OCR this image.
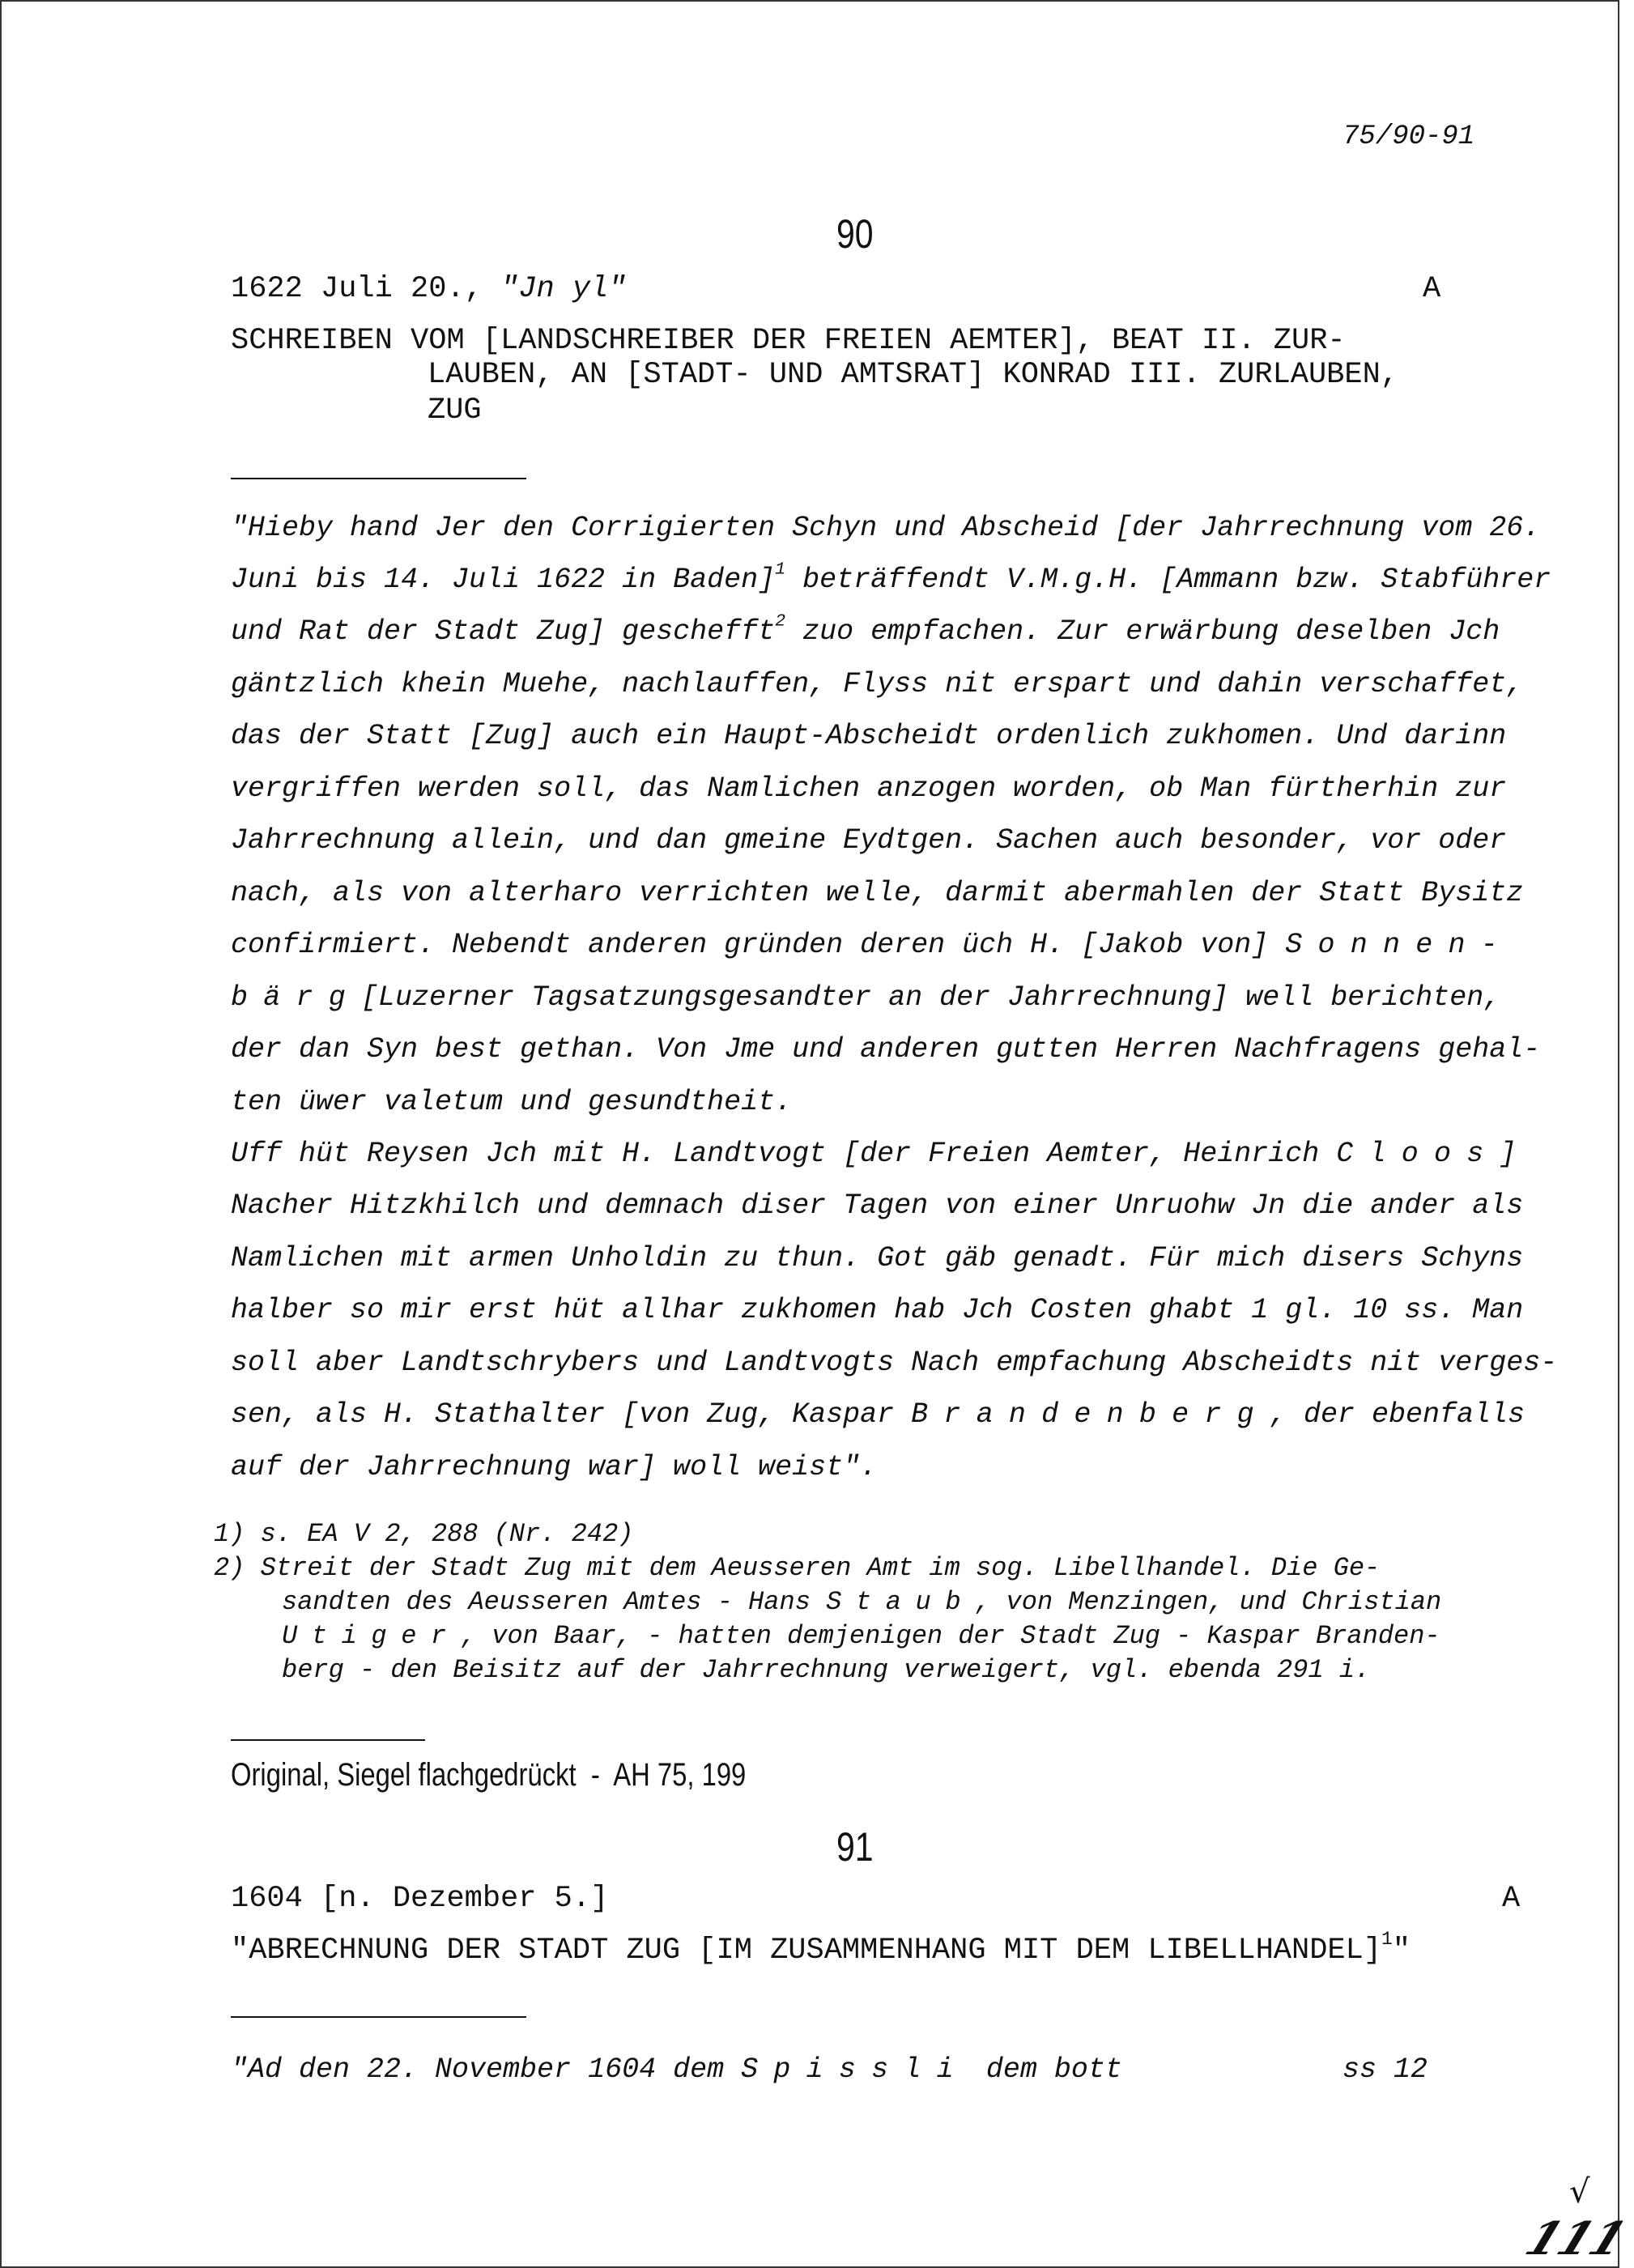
75/90-91
90
1622 Juli 20., "Jn yl"	A
SCHREIBEN VOM [LANDSCHREIBER DER FREIEN AEMTER], BEAT II. ZUR-
LAUBEN, AN [STADT- UND AMTSRAT] KONRAD III. ZURLAUBEN,
ZUG
"Hieby hand Jer den Corrigierten Schyn und Abscheid [der Jahrrechnung vom 26.
Juni bis 14. Juli 1622 in Baden]$^1$ beträffendt V.M.g.H. [Ammann bzw. Stabführer
und Rat der Stadt Zug] geschefft$^2$ zuo empfachen. Zur erwärbung deselben Jch
gäntzlich khein Muehe, nachlauffen, Flyss nit erspart und dahin verschaffet,
das der Statt [Zug] auch ein Haupt-Abscheidt ordenlich zukhomen. Und darinn
vergriffen werden soll, das Namlichen anzogen worden, ob Man fürtherhin zur
Jahrrechnung allein, und dan gmeine Eydtgen. Sachen auch besonder, vor oder
nach, als von alterharo verrichten welle, darmit abermahlen der Statt Bysitz
confirmiert. Nebendt anderen gründen deren üch H. [Jakob von] Sonnen-
bärg[Luzerner Tagsatzungsgesandter an der Jahrrechnung] well berichten,
der dan Syn best gethan. Von Jme und anderen gutten Herren Nachfragens gehal-
ten üwer valetum und gesundtheit.
Uff hüt Reysen Jch mit H. Landtvogt [der Freien Aemter, Heinrich Cloos]
Nacher Hitzkhilch und demnach diser Tagen von einer Unruohw Jn die ander als
Namlichen mit armen Unholdin zu thun. Got gäb genadt. Für mich disers Schyns
halber so mir erst hüt allhar zukhomen hab Jch Costen ghabt 1 gl. 10 ss. Man
soll aber Landtschrybers und Landtvogts Nach empfachung Abscheidts nit verges-
sen, als H. Stathalter [von Zug, Kaspar Brandenberg, der ebenfalls
auf der Jahrrechnung war] woll weist".
1) s. EA V 2, 288 (Nr. 242)
2) Streit der Stadt Zug mit dem Aeusseren Amt im sog. Libellhandel. Die Ge-
sandten des Aeusseren Amtes - Hans Staub, von Menzingen, und Christian
Utiger, von Baar, - hatten demjenigen der Stadt Zug - Kaspar Branden-
berg - den Beisitz auf der Jahrrechnung verweigert, vgl. ebenda 291 i.
Original, Siegel flachgedrückt  -  AH 75, 199
91
1604 [n. Dezember 5.]	A
"ABRECHNUNG DER STADT ZUG [IM ZUSAMMENHANG MIT DEM LIBELLHANDEL]$^1$"
"Ad den 22. November 1604 dem Spissli dem bott	ss 12
√
111
